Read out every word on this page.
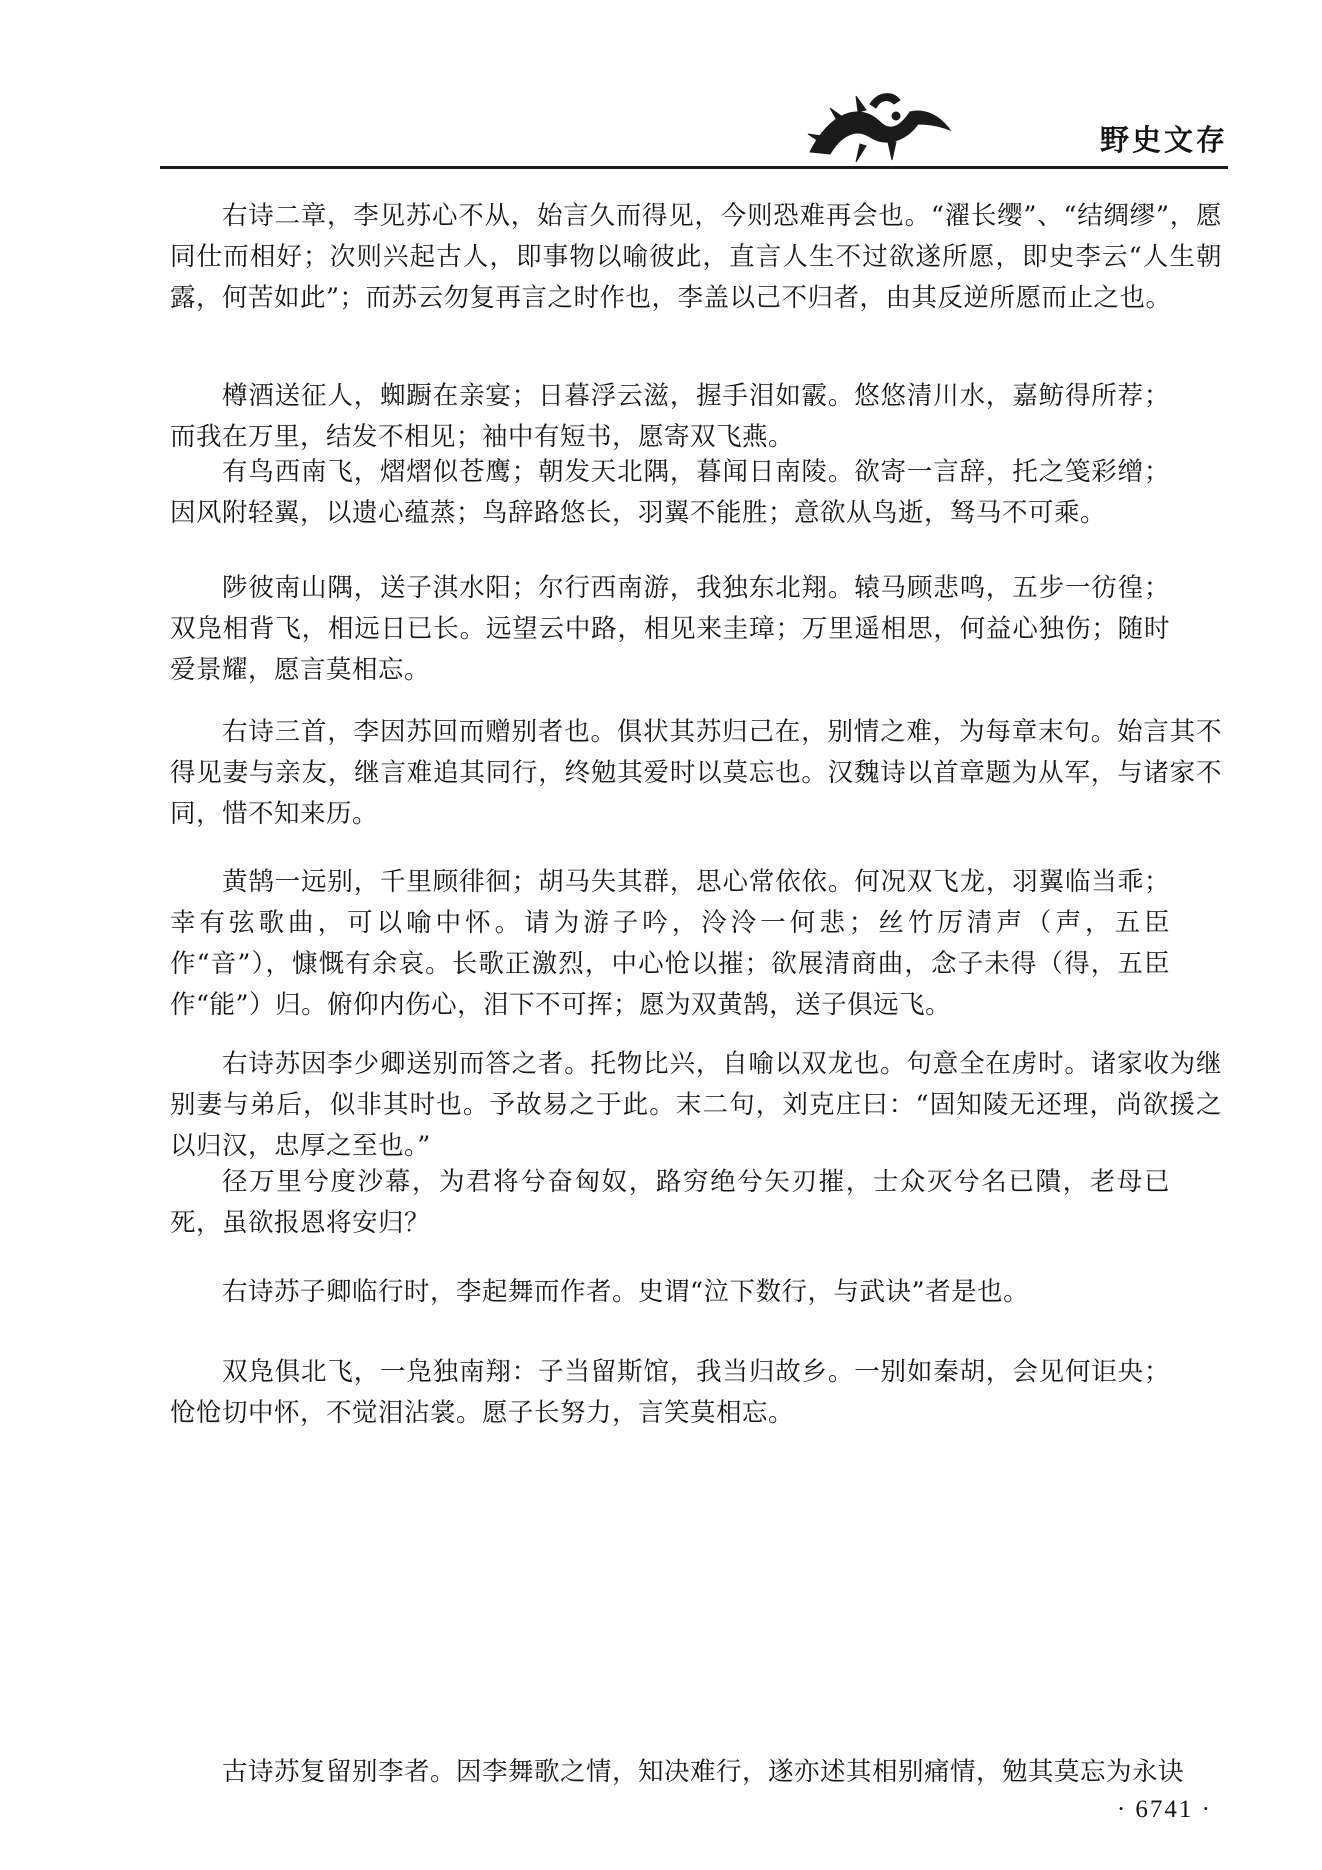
野史文存

右诗二章，李见苏心不从，始言久而得见，今则恐难再会也。“濯长缨”、“结绸缪”，愿同仕而相好；次则兴起古人，即事物以喻彼此，直言人生不过欲遂所愿，即史李云“人生朝露，何苦如此”；而苏云勿复再言之时作也，李盖以己不归者，由其反逆所愿而止之也。

樽酒送征人，蜘蹰在亲宴；日暮浮云滋，握手泪如霰。悠悠清川水，嘉鲂得所荐；而我在万里，结发不相见；袖中有短书，愿寄双飞燕。

有鸟西南飞，熠熠似苍鹰；朝发天北隅，暮闻日南陵。欲寄一言辞，托之笺彩缯；因风附轻翼，以遗心蕴蒸；鸟辞路悠长，羽翼不能胜；意欲从鸟逝，驽马不可乘。

陟彼南山隅，送子淇水阳；尔行西南游，我独东北翔。辕马顾悲鸣，五步一彷徨；双凫相背飞，相远日已长。远望云中路，相见来圭璋；万里遥相思，何益心独伤；随时爱景耀，愿言莫相忘。

右诗三首，李因苏回而赠别者也。俱状其苏归己在，别情之难，为每章末句。始言其不得见妻与亲友，继言难追其同行，终勉其爱时以莫忘也。汉魏诗以首章题为从军，与诸家不同，惜不知来历。

黄鹄一远别，千里顾徘徊；胡马失其群，思心常依依。何况双飞龙，羽翼临当乖；幸有弦歌曲，可以喻中怀。请为游子吟，泠泠一何悲；丝竹厉清声（声，五臣作“音”），慷慨有余哀。长歌正激烈，中心怆以摧；欲展清商曲，念子未得（得，五臣作“能”）归。俯仰内伤心，泪下不可挥；愿为双黄鹄，送子俱远飞。

右诗苏因李少卿送别而答之者。托物比兴，自喻以双龙也。句意全在虏时。诸家收为继别妻与弟后，似非其时也。予故易之于此。末二句，刘克庄曰：“固知陵无还理，尚欲援之以归汉，忠厚之至也。”

径万里兮度沙幕，为君将兮奋匈奴，路穷绝兮矢刃摧，士众灭兮名已隤，老母已死，虽欲报恩将安归？

右诗苏子卿临行时，李起舞而作者。史谓“泣下数行，与武诀”者是也。

双凫俱北飞，一凫独南翔：子当留斯馆，我当归故乡。一别如秦胡，会见何讵央；怆怆切中怀，不觉泪沾裳。愿子长努力，言笑莫相忘。

古诗苏复留别李者。因李舞歌之情，知决难行，遂亦述其相别痛情，勉其莫忘为永诀

· 6741 ·
